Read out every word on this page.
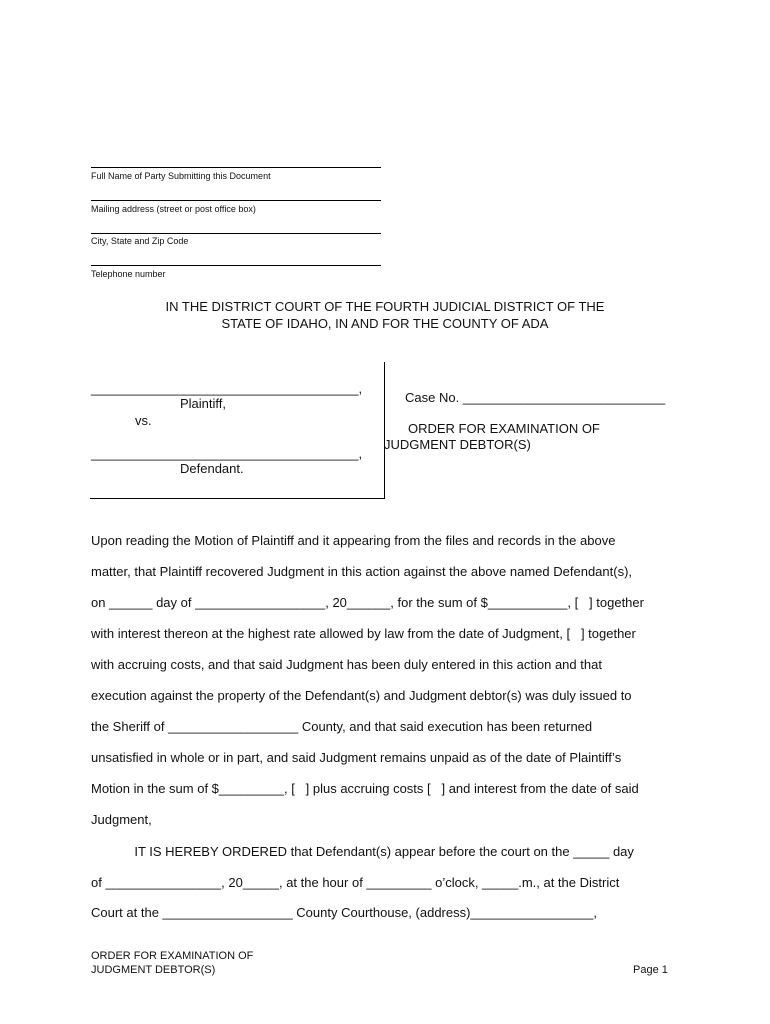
Full Name of Party Submitting this Document
Mailing address (street or post office box)
City, State and Zip Code
Telephone number
IN THE DISTRICT COURT OF THE FOURTH JUDICIAL DISTRICT OF THE
STATE OF IDAHO, IN AND FOR THE COUNTY OF ADA
_____________________________________,
Plaintiff,
vs.
_____________________________________,
Defendant.
Case No. ____________________________
ORDER FOR EXAMINATION OF
JUDGMENT DEBTOR(S)
Upon reading the Motion of Plaintiff and it appearing from the files and records in the above
matter, that Plaintiff recovered Judgment in this action against the above named Defendant(s),
on ______ day of __________________, 20______, for the sum of $___________, [   ] together
with interest thereon at the highest rate allowed by law from the date of Judgment, [   ] together
with accruing costs, and that said Judgment has been duly entered in this action and that
execution against the property of the Defendant(s) and Judgment debtor(s) was duly issued to
the Sheriff of __________________ County, and that said execution has been returned
unsatisfied in whole or in part, and said Judgment remains unpaid as of the date of Plaintiff’s
Motion in the sum of $_________, [   ] plus accruing costs [   ] and interest from the date of said
Judgment,
IT IS HEREBY ORDERED that Defendant(s) appear before the court on the _____ day
of ________________, 20_____, at the hour of _________ o’clock, _____.m., at the District
Court at the __________________ County Courthouse, (address)_________________,
ORDER FOR EXAMINATION OF
JUDGMENT DEBTOR(S)	Page 1
